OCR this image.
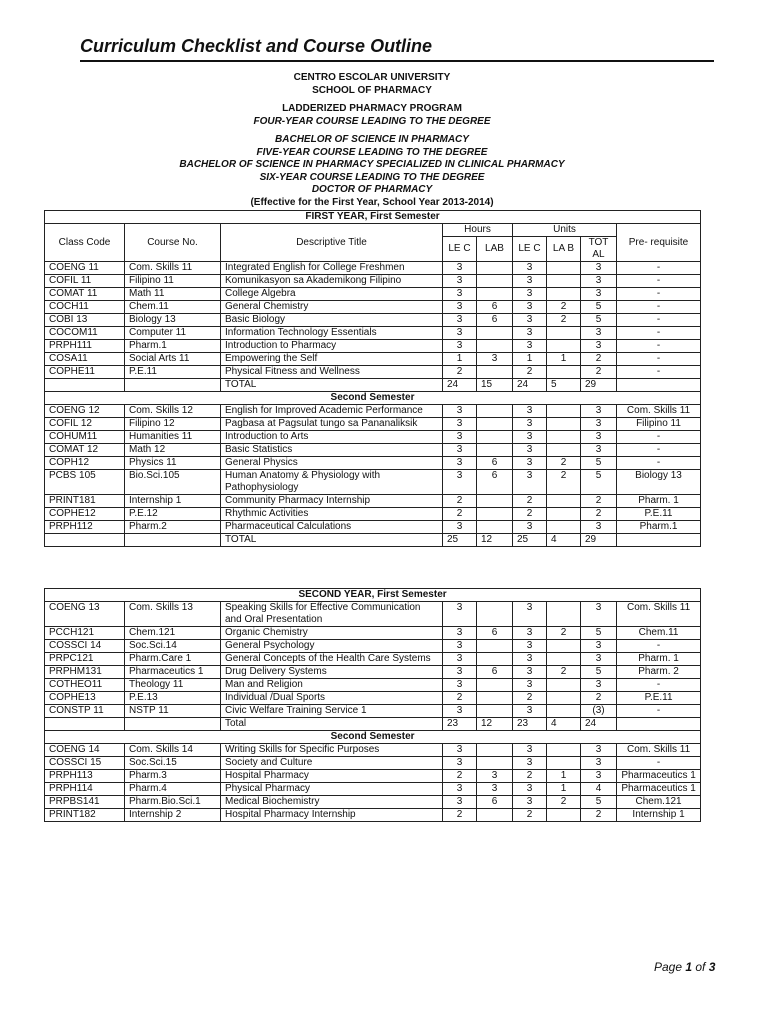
Curriculum Checklist and Course Outline
CENTRO ESCOLAR UNIVERSITY
SCHOOL OF PHARMACY
LADDERIZED PHARMACY PROGRAM
FOUR-YEAR COURSE LEADING TO THE DEGREE
BACHELOR OF SCIENCE IN PHARMACY
FIVE-YEAR COURSE LEADING TO THE DEGREE
BACHELOR OF SCIENCE IN PHARMACY SPECIALIZED IN CLINICAL PHARMACY
SIX-YEAR COURSE LEADING TO THE DEGREE
DOCTOR OF PHARMACY
(Effective for the First Year, School Year 2013-2014)
FIRST YEAR, First Semester								
Class Code	Course No.	Descriptive Title	Hours		Units			Pre- requisite
			LE C	LAB	LE C	LA B	TOT AL	
COENG 11	Com. Skills 11	Integrated English for College Freshmen	3		3		3	-
COFIL 11	Filipino 11	Komunikasyon sa Akademikong Filipino	3		3		3	-
COMAT 11	Math 11	College Algebra	3		3		3	-
COCH11	Chem.11	General Chemistry	3	6	3	2	5	-
COBI 13	Biology 13	Basic Biology	3	6	3	2	5	-
COCOM11	Computer 11	Information Technology Essentials	3		3		3	-
PRPH111	Pharm.1	Introduction to Pharmacy	3		3		3	-
COSA11	Social Arts 11	Empowering the Self	1	3	1	1	2	-
COPHE11	P.E.11	Physical Fitness and Wellness	2		2		2	-
		TOTAL	24	15	24	5	29	
Second Semester								
COENG 12	Com. Skills 12	English for Improved Academic Performance	3		3		3	Com. Skills 11
COFIL 12	Filipino 12	Pagbasa at Pagsulat tungo sa Pananaliksik	3		3		3	Filipino 11
COHUM11	Humanities 11	Introduction to Arts	3		3		3	-
COMAT 12	Math 12	Basic Statistics	3		3		3	-
COPH12	Physics 11	General Physics	3	6	3	2	5	-
PCBS 105	Bio.Sci.105	Human Anatomy & Physiology with Pathophysiology	3	6	3	2	5	Biology 13
PRINT181	Internship 1	Community Pharmacy Internship	2		2		2	Pharm. 1
COPHE12	P.E.12	Rhythmic Activities	2		2		2	P.E.11
PRPH112	Pharm.2	Pharmaceutical Calculations	3		3		3	Pharm.1
		TOTAL	25	12	25	4	29	
SECOND YEAR, First Semester								
COENG 13	Com. Skills 13	Speaking Skills for Effective Communication and Oral Presentation	3		3		3	Com. Skills 11
PCCH121	Chem.121	Organic Chemistry	3	6	3	2	5	Chem.11
COSSCI 14	Soc.Sci.14	General Psychology	3		3		3	-
PRPC121	Pharm.Care 1	General Concepts of the Health Care Systems	3		3		3	Pharm. 1
PRPHM131	Pharmaceutics 1	Drug Delivery Systems	3	6	3	2	5	Pharm. 2
COTHEO11	Theology 11	Man and Religion	3		3		3	-
COPHE13	P.E.13	Individual /Dual Sports	2		2		2	P.E.11
CONSTP 11	NSTP 11	Civic Welfare Training Service 1	3		3		(3)	-
		Total	23	12	23	4	24	
Second Semester								
COENG 14	Com. Skills 14	Writing Skills for Specific Purposes	3		3		3	Com. Skills 11
COSSCI 15	Soc.Sci.15	Society and Culture	3		3		3	-
PRPH113	Pharm.3	Hospital Pharmacy	2	3	2	1	3	Pharmaceutics 1
PRPH114	Pharm.4	Physical Pharmacy	3	3	3	1	4	Pharmaceutics 1
PRPBS141	Pharm.Bio.Sci.1	Medical Biochemistry	3	6	3	2	5	Chem.121
PRINT182	Internship 2	Hospital Pharmacy Internship	2		2		2	Internship 1
Page 1 of 3
